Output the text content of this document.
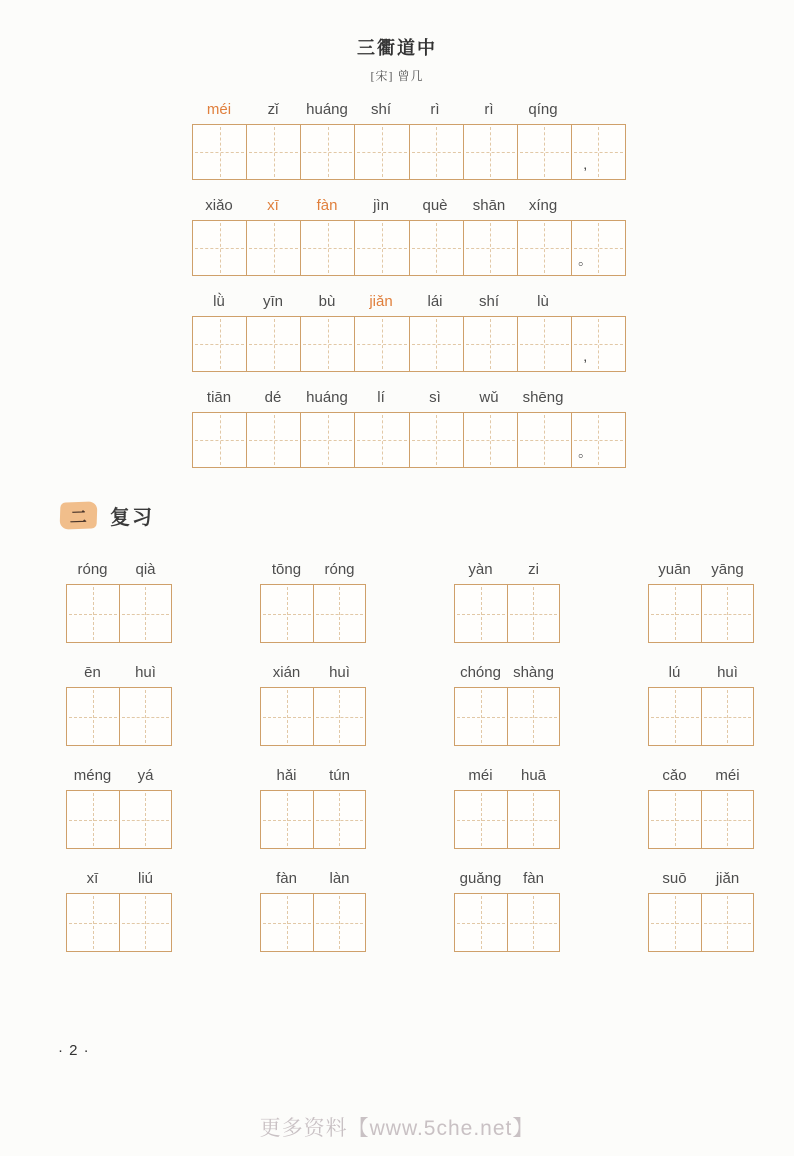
三衢道中
[宋] 曾几
méi	zǐ	huáng	shí	rì	rì	qíng
,
xiǎo	xī	fàn	jìn	què	shān	xíng
。
lǜ	yīn	bù	jiǎn	lái	shí	lù
,
tiān	dé	huáng	lí	sì	wǔ	shēng
。
二	复习
róng	qià	tōng	róng	yàn	zi	yuān	yāng
ēn	huì	xián	huì	chóng shàng	lú	huì
méng	yá	hǎi	tún	méi	huā	cǎo	méi
xī	liú	fàn	làn	guǎng	fàn	suō	jiǎn
· 2 ·
更多资料【www.5che.net】
